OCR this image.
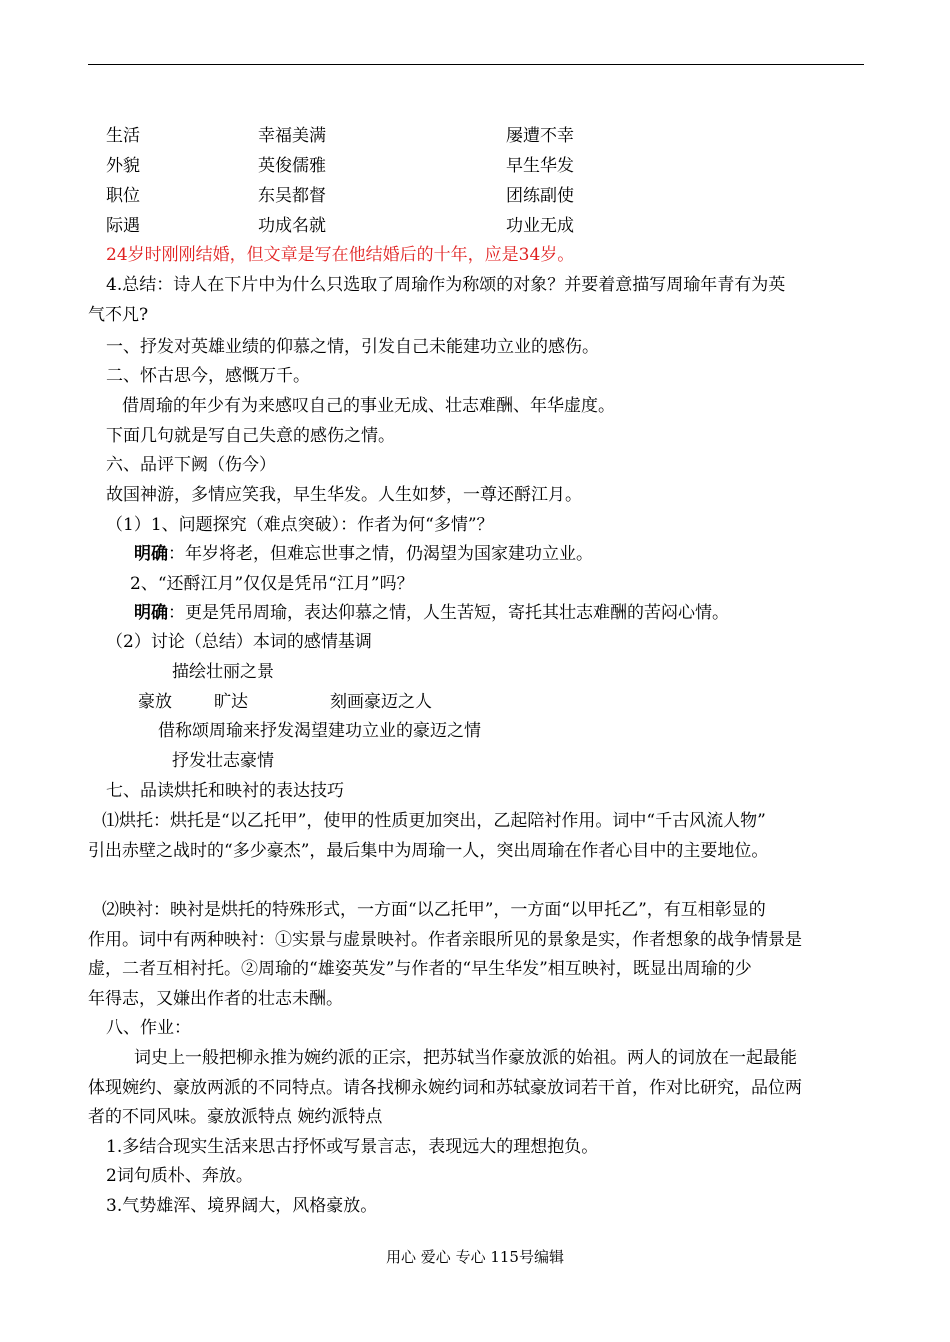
生活	幸福美满	屡遭不幸
外貌	英俊儒雅	早生华发
职位	东吴都督	团练副使
际遇	功成名就	功业无成
24岁时刚刚结婚，但文章是写在他结婚后的十年，应是34岁。
4.总结：诗人在下片中为什么只选取了周瑜作为称颂的对象？并要着意描写周瑜年青有为英
气不凡?
一、抒发对英雄业绩的仰慕之情，引发自己未能建功立业的感伤。
二、怀古思今，感慨万千。
借周瑜的年少有为来感叹自己的事业无成、壮志难酬、年华虚度。
下面几句就是写自己失意的感伤之情。
六、品评下阙（伤今）
故国神游，多情应笑我，早生华发。人生如梦，一尊还酹江月。
（1）1、问题探究（难点突破）：作者为何“多情”？
明确：年岁将老，但难忘世事之情，仍渴望为国家建功立业。
2、“还酹江月”仅仅是凭吊“江月”吗？
明确：更是凭吊周瑜，表达仰慕之情，人生苦短，寄托其壮志难酬的苦闷心情。
（2）讨论（总结）本词的感情基调
描绘壮丽之景
豪放 旷达	刻画豪迈之人
借称颂周瑜来抒发渴望建功立业的豪迈之情
抒发壮志豪情
七、品读烘托和映衬的表达技巧
⑴烘托：烘托是“以乙托甲”，使甲的性质更加突出，乙起陪衬作用。词中“千古风流人物”
引出赤壁之战时的“多少豪杰”，最后集中为周瑜一人，突出周瑜在作者心目中的主要地位。
⑵映衬：映衬是烘托的特殊形式，一方面“以乙托甲”，一方面“以甲托乙”，有互相彰显的
作用。词中有两种映衬：①实景与虚景映衬。作者亲眼所见的景象是实，作者想象的战争情景是
虚，二者互相衬托。②周瑜的“雄姿英发”与作者的“早生华发”相互映衬，既显出周瑜的少
年得志，又嫌出作者的壮志未酬。
八、作业：
词史上一般把柳永推为婉约派的正宗，把苏轼当作豪放派的始祖。两人的词放在一起最能
体现婉约、豪放两派的不同特点。请各找柳永婉约词和苏轼豪放词若干首，作对比研究，品位两
者的不同风味。豪放派特点 婉约派特点
1.多结合现实生活来思古抒怀或写景言志，表现远大的理想抱负。
2词句质朴、奔放。
3.气势雄浑、境界阔大，风格豪放。
用心 爱心 专心 115号编辑
